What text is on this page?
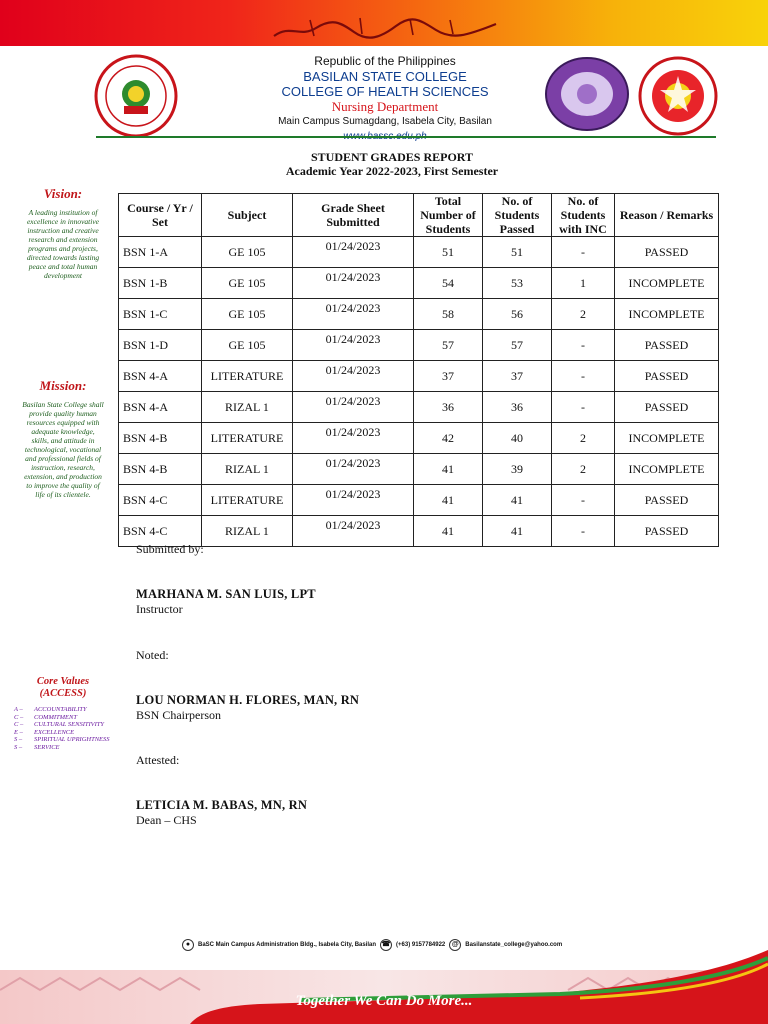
Republic of the Philippines
BASILAN STATE COLLEGE
COLLEGE OF HEALTH SCIENCES
Nursing Department
Main Campus Sumagdang, Isabela City, Basilan
STUDENT GRADES REPORT
Academic Year 2022-2023, First Semester
Vision:
A leading institution of excellence in innovative instruction and creative research and extension programs and projects, directed towards lasting peace and total human development
Mission:
Basilan State College shall provide quality human resources equipped with adequate knowledge, skills, and attitude in technological, vocational and professional fields of instruction, research, extension, and production to improve the quality of life of its clientele.
Core Values (ACCESS)
A –	ACCOUNTABILITY
C –	COMMITMENT
C –	CULTURAL SENSITIVITY
E –	EXCELLENCE
S –	SPIRITUAL UPRIGHTNESS
S –	SERVICE
Course / Yr / Set	Subject	Grade Sheet Submitted	Total Number of Students	No. of Students Passed	No. of Students with INC	Reason / Remarks
BSN 1-A	GE 105	01/24/2023	51	51	-	PASSED
BSN 1-B	GE 105	01/24/2023	54	53	1	INCOMPLETE
BSN 1-C	GE 105	01/24/2023	58	56	2	INCOMPLETE
BSN 1-D	GE 105	01/24/2023	57	57	-	PASSED
BSN 4-A	LITERATURE	01/24/2023	37	37	-	PASSED
BSN 4-A	RIZAL 1	01/24/2023	36	36	-	PASSED
BSN 4-B	LITERATURE	01/24/2023	42	40	2	INCOMPLETE
BSN 4-B	RIZAL 1	01/24/2023	41	39	2	INCOMPLETE
BSN 4-C	LITERATURE	01/24/2023	41	41	-	PASSED
BSN 4-C	RIZAL 1	01/24/2023	41	41	-	PASSED
Submitted by:
MARHANA M. SAN LUIS, LPT
Instructor
Noted:
LOU NORMAN H. FLORES, MAN, RN
BSN Chairperson
Attested:
LETICIA M. BABAS, MN, RN
Dean – CHS
●	BaSC Main Campus Administration Bldg., Isabela City, Basilan ☎ (+63) 9157784922 @	Basilanstate_college@yahoo.com
Together We Can Do More...
